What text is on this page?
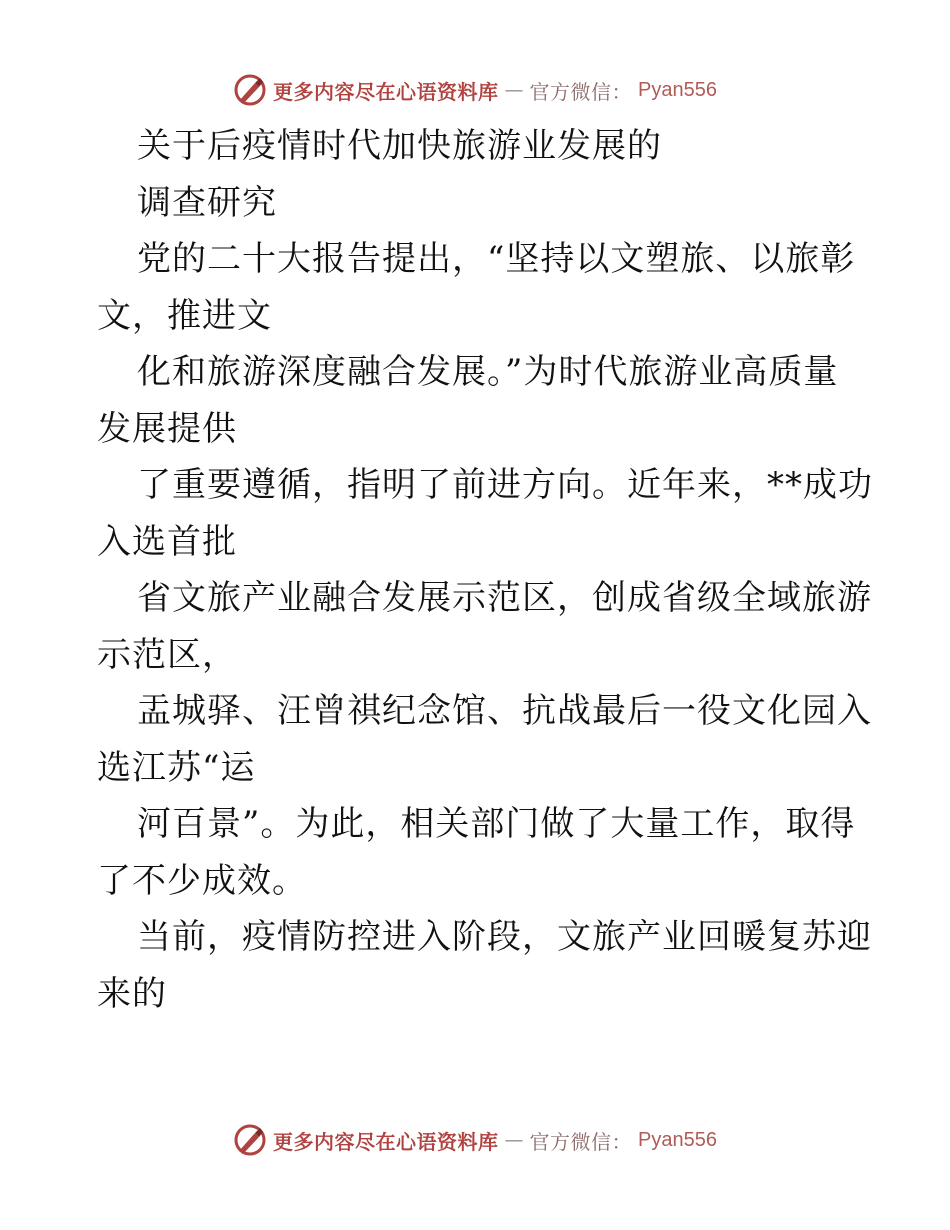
更多内容尽在心语资料库 — 官方微信： Pyan556
关于后疫情时代加快旅游业发展的
调查研究
党的二十大报告提出，“坚持以文塑旅、以旅彰
文，推进文
化和旅游深度融合发展。”为时代旅游业高质量
发展提供
了重要遵循，指明了前进方向。近年来，**成功
入选首批
省文旅产业融合发展示范区，创成省级全域旅游
示范区，
盂城驿、汪曾祺纪念馆、抗战最后一役文化园入
选江苏“运
河百景”。为此，相关部门做了大量工作，取得
了不少成效。
当前，疫情防控进入阶段，文旅产业回暖复苏迎
来的
更多内容尽在心语资料库 — 官方微信： Pyan556
